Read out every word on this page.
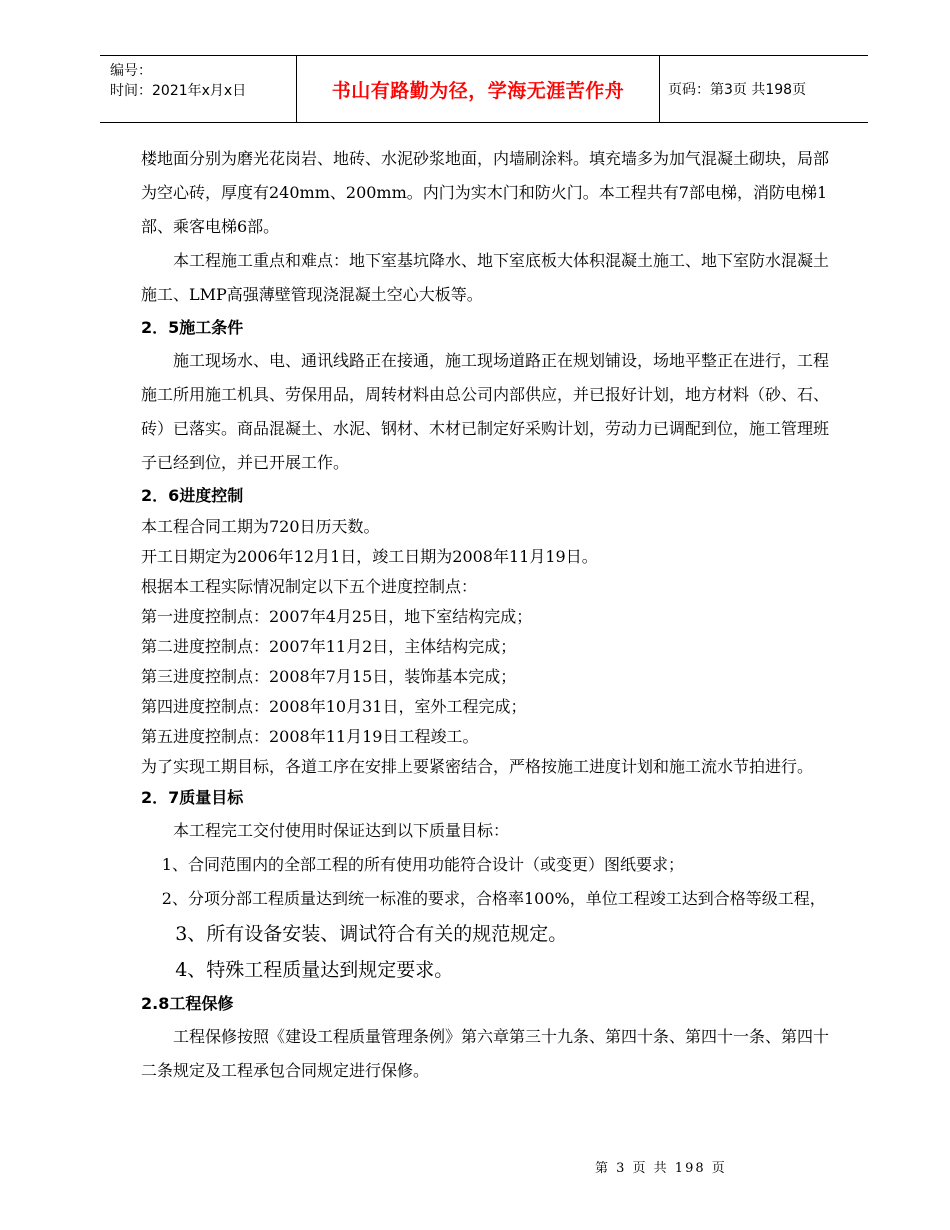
编号：
时间：2021年x月x日	书山有路勤为径，学海无涯苦作舟	页码：第3页 共198页

楼地面分别为磨光花岗岩、地砖、水泥砂浆地面，内墙刷涂料。填充墙多为加气混凝土砌块，局部为空心砖，厚度有240mm、200mm。内门为实木门和防火门。本工程共有7部电梯，消防电梯1部、乘客电梯6部。

本工程施工重点和难点：地下室基坑降水、地下室底板大体积混凝土施工、地下室防水混凝土施工、LMP高强薄壁管现浇混凝土空心大板等。

2．5施工条件

施工现场水、电、通讯线路正在接通，施工现场道路正在规划铺设，场地平整正在进行，工程施工所用施工机具、劳保用品，周转材料由总公司内部供应，并已报好计划，地方材料（砂、石、砖）已落实。商品混凝土、水泥、钢材、木材已制定好采购计划，劳动力已调配到位，施工管理班子已经到位，并已开展工作。

2．6进度控制

本工程合同工期为720日历天数。

开工日期定为2006年12月1日，竣工日期为2008年11月19日。

根据本工程实际情况制定以下五个进度控制点：

第一进度控制点：2007年4月25日，地下室结构完成；

第二进度控制点：2007年11月2日，主体结构完成；

第三进度控制点：2008年7月15日，装饰基本完成；

第四进度控制点：2008年10月31日，室外工程完成；

第五进度控制点：2008年11月19日工程竣工。

为了实现工期目标，各道工序在安排上要紧密结合，严格按施工进度计划和施工流水节拍进行。

2．7质量目标

本工程完工交付使用时保证达到以下质量目标：

1、合同范围内的全部工程的所有使用功能符合设计（或变更）图纸要求；

2、分项分部工程质量达到统一标准的要求，合格率100%，单位工程竣工达到合格等级工程，

3、所有设备安装、调试符合有关的规范规定。

4、特殊工程质量达到规定要求。

2.8工程保修

工程保修按照《建设工程质量管理条例》第六章第三十九条、第四十条、第四十一条、第四十二条规定及工程承包合同规定进行保修。

第 3 页 共 198 页
